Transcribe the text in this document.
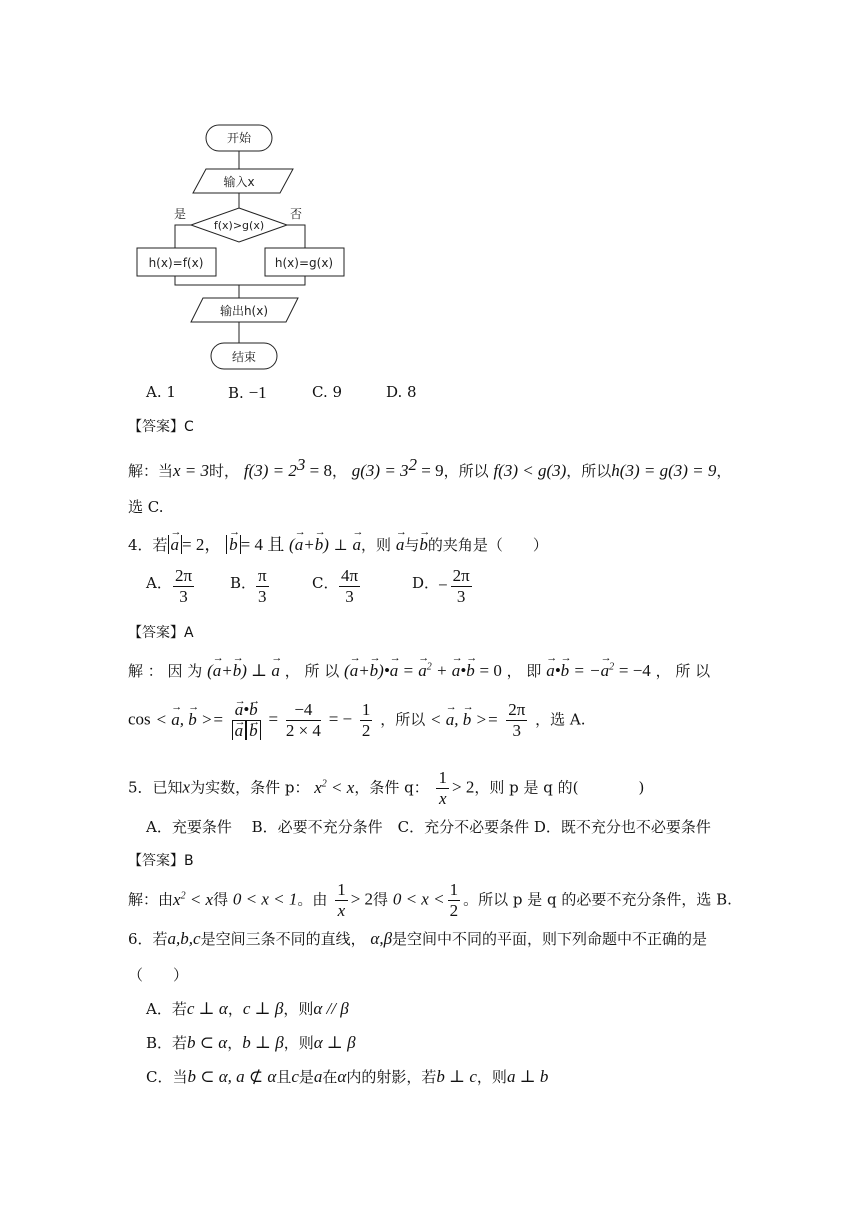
开始
输入x
f(x)>g(x)
是	否
h(x)=f(x)	h(x)=g(x)
输出h(x)
结束
A. 1	B. −1	C. 9	D. 8
【答案】C
解：当x = 3时， $f(3) = 2^3 = 8$， $g(3) = 3^2 = 9$，所以 f(3) < g(3)，所以h(3) = g(3) = 9，
选 C.
4．若 → a = 2， → b = 4 且 (→ a+→ b) ⊥ → a，则 → a与→ b的夹角是（　　）
A． $\frac{2\pi}{3}$ B． $\frac{\pi}{3}$	C． $\frac{4\pi}{3}$	D．
− $\frac{2\pi}{3}$
【答案】A
解 ： 因 为 (→ a+→ b) ⊥ → a ， 所 以 (→ a+→ b)•→ a = → $a^2$ + → a•→ b = 0 ， 即 → a•→ b = −→ $a^2 = -4$ ， 所 以
cos < → a, → b >= → a•→ b
→ $a \to b = \frac{-4}{2 \times 4}$ = − $\frac{1}{2}$ ，所以 < → a, → $b >= \frac{2\pi}{3}$ ，选 A.
5．已知x为实数，条件 p： $x^2 < x$，条件 q： $\frac{1}{x} > 2$，则 p 是 q 的(　　　　)
A．充要条件　 B．必要不充分条件　C．充分不必要条件 D．既不充分也不必要条件
【答案】B
解：由$x^2 < x$得 0 < x < 1。由 $\frac{1}{x} > 2$得 $0 < x < \frac{1}{2}$ 。所以 p 是 q 的必要不充分条件，选 B.
6．若a,b,c是空间三条不同的直线， α,β是空间中不同的平面，则下列命题中不正确的是
（　　）
A．若c ⊥ α，c ⊥ β，则α // β
B．若b ⊂ α，b ⊥ β，则α ⊥ β
C．当b ⊂ α, a ⊄ α且c是a在α内的射影，若b ⊥ c，则a ⊥ b
